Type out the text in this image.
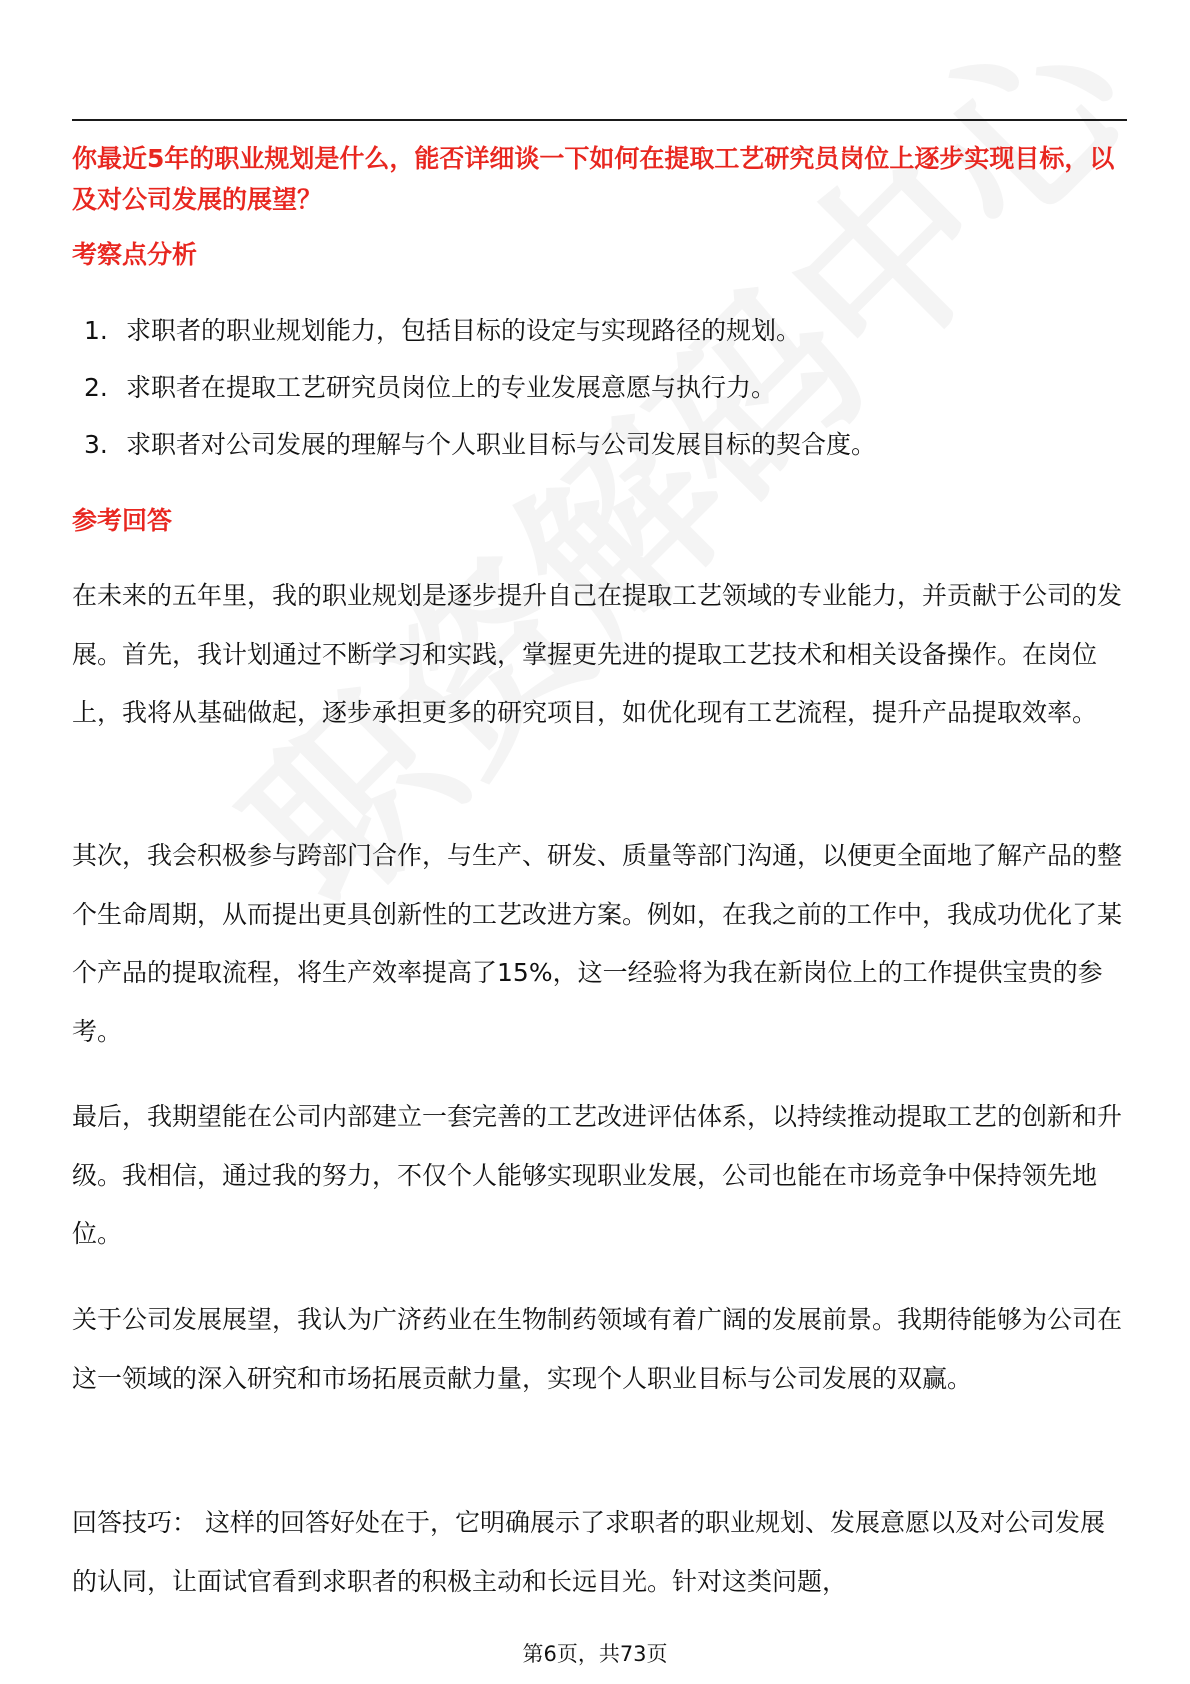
你最近5年的职业规划是什么，能否详细谈一下如何在提取工艺研究员岗位上逐步实现目标，以及对公司发展的展望？
考察点分析
1. 求职者的职业规划能力，包括目标的设定与实现路径的规划。
2. 求职者在提取工艺研究员岗位上的专业发展意愿与执行力。
3. 求职者对公司发展的理解与个人职业目标与公司发展目标的契合度。
参考回答
在未来的五年里，我的职业规划是逐步提升自己在提取工艺领域的专业能力，并贡献于公司的发展。首先，我计划通过不断学习和实践，掌握更先进的提取工艺技术和相关设备操作。在岗位上，我将从基础做起，逐步承担更多的研究项目，如优化现有工艺流程，提升产品提取效率。
其次，我会积极参与跨部门合作，与生产、研发、质量等部门沟通，以便更全面地了解产品的整个生命周期，从而提出更具创新性的工艺改进方案。例如，在我之前的工作中，我成功优化了某个产品的提取流程，将生产效率提高了15%，这一经验将为我在新岗位上的工作提供宝贵的参考。
最后，我期望能在公司内部建立一套完善的工艺改进评估体系，以持续推动提取工艺的创新和升级。我相信，通过我的努力，不仅个人能够实现职业发展，公司也能在市场竞争中保持领先地位。
关于公司发展展望，我认为广济药业在生物制药领域有着广阔的发展前景。我期待能够为公司在这一领域的深入研究和市场拓展贡献力量，实现个人职业目标与公司发展的双赢。
回答技巧： 这样的回答好处在于，它明确展示了求职者的职业规划、发展意愿以及对公司发展的认同，让面试官看到求职者的积极主动和长远目光。针对这类问题，
第6页，共73页
